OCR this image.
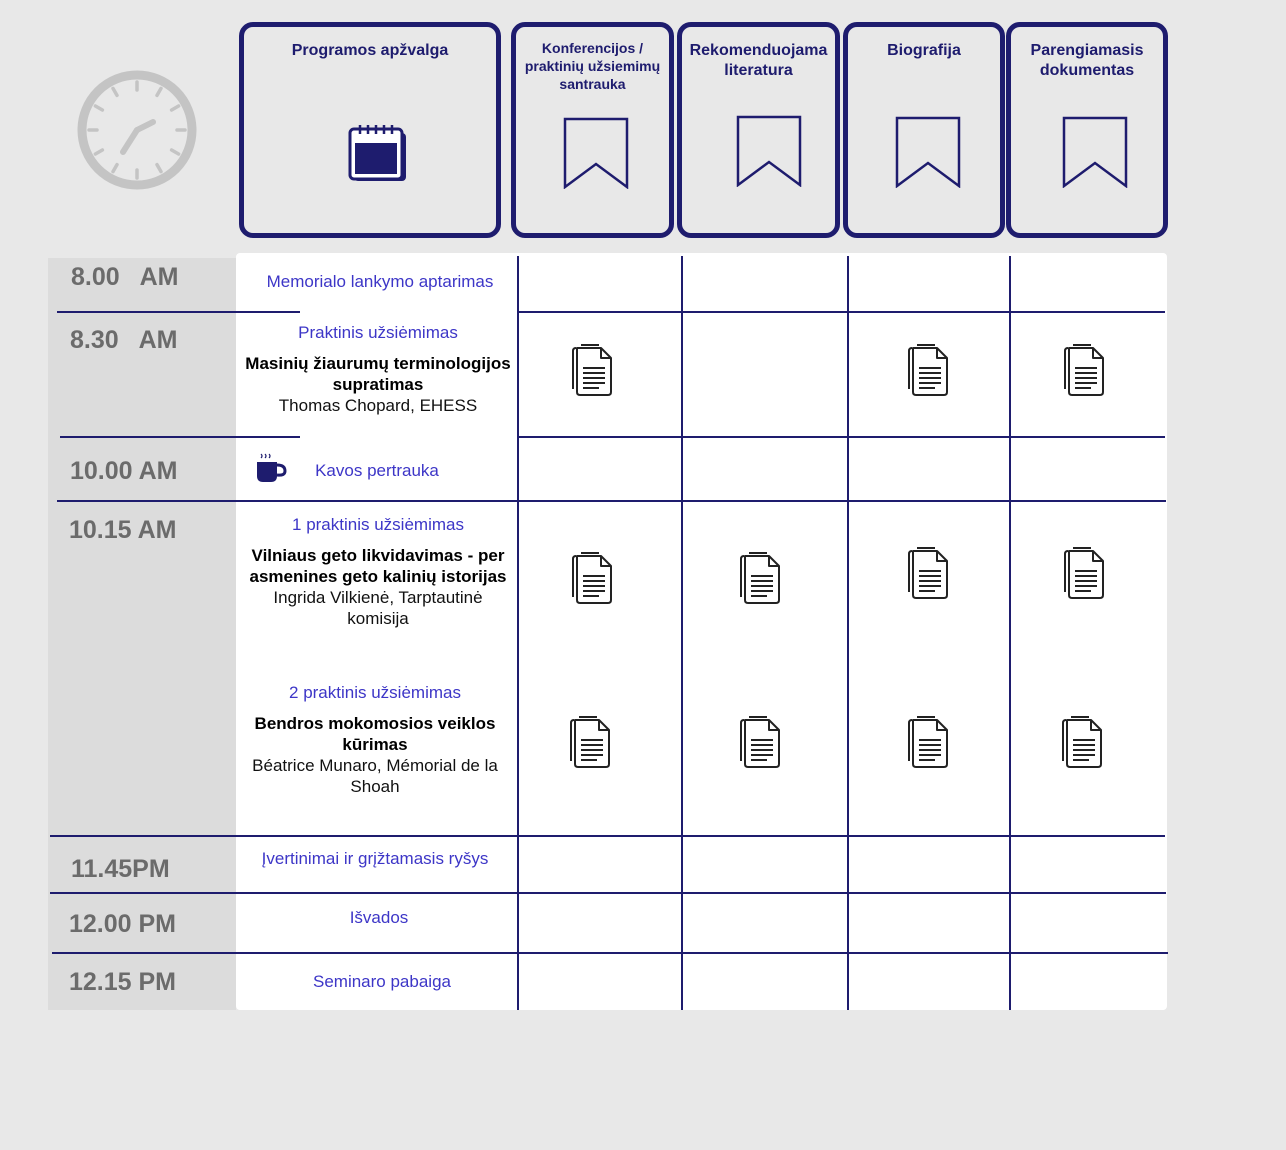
Programos apžvalga	Konferencijos /
praktinių užsiemimų
santrauka
Rekomenduojama
literatura
Biografija	Parengiamasis
dokumentas
8.00   AM
8.30   AM
10.00 AM
10.15 AM
11.45PM
12.00 PM
12.15 PM
Memorialo lankymo aptarimas
Kavos pertrauka
Įvertinimai ir grįžtamasis ryšys
Išvados
Seminaro pabaiga
Praktinis užsiėmimas
Masinių žiaurumų terminologijos
supratimas
Thomas Chopard, EHESS
1 praktinis užsiėmimas
Vilniaus geto likvidavimas - per
asmenines geto kalinių istorijas
Ingrida Vilkienė, Tarptautinė
komisija
2 praktinis užsiėmimas
Bendros mokomosios veiklos
kūrimas
Béatrice Munaro, Mémorial de la
Shoah
